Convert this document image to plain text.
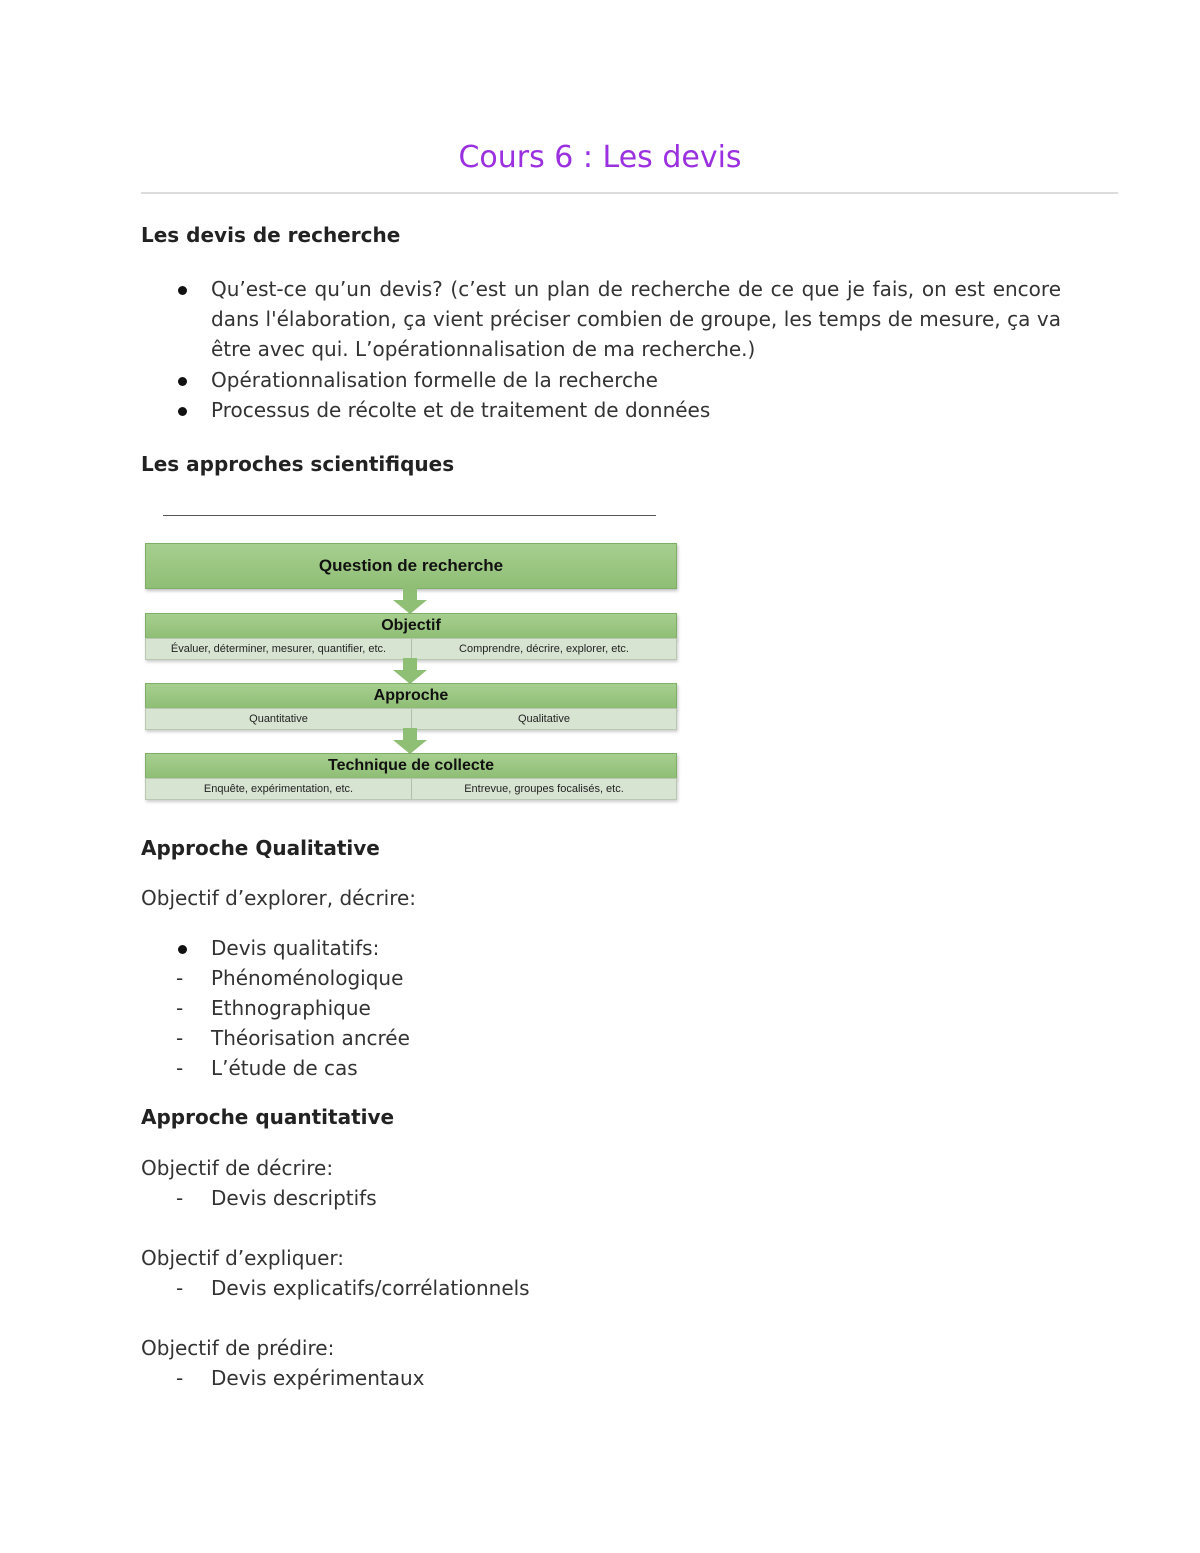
Cours 6 : Les devis
Les devis de recherche
Qu’est-ce qu’un devis? (c’est un plan de recherche de ce que je fais, on est encore dans l'élaboration, ça vient préciser combien de groupe, les temps de mesure, ça va être avec qui. L’opérationnalisation de ma recherche.)
Opérationnalisation formelle de la recherche
Processus de récolte et de traitement de données
Les approches scientifiques
Question de recherche
Objectif
Évaluer, déterminer, mesurer, quantifier, etc.	Comprendre, décrire, explorer, etc.
Approche
Quantitative	Qualitative
Technique de collecte
Enquête, expérimentation, etc.	Entrevue, groupes focalisés, etc.
Approche Qualitative
Objectif d’explorer, décrire:
Devis qualitatifs:
- Phénoménologique
- Ethnographique
- Théorisation ancrée
- L’étude de cas
Approche quantitative
Objectif de décrire:
- Devis descriptifs
Objectif d’expliquer:
- Devis explicatifs/corrélationnels
Objectif de prédire:
- Devis expérimentaux
